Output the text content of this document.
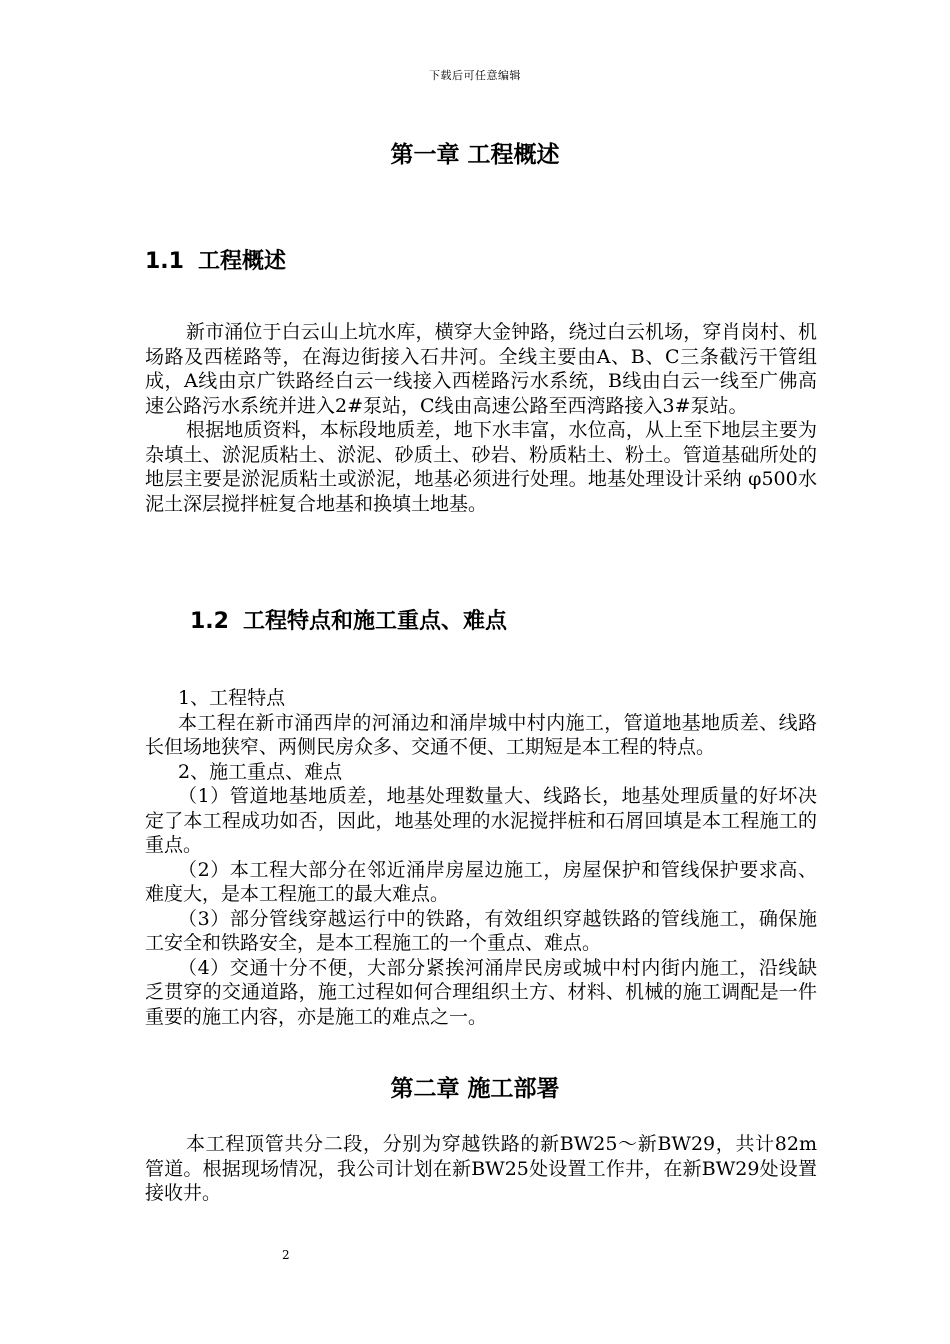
下载后可任意编辑
第一章 工程概述
1.1 工程概述

新市涌位于白云山上坑水库，横穿大金钟路，绕过白云机场，穿肖岗村、机场路及西槎路等，在海边街接入石井河。全线主要由A、B、C三条截污干管组成，A线由京广铁路经白云一线接入西槎路污水系统，B线由白云一线至广佛高速公路污水系统并进入2#泵站，C线由高速公路至西湾路接入3#泵站。

根据地质资料，本标段地质差，地下水丰富，水位高，从上至下地层主要为杂填土、淤泥质粘土、淤泥、砂质土、砂岩、粉质粘土、粉土。管道基础所处的地层主要是淤泥质粘土或淤泥，地基必须进行处理。地基处理设计采纳 φ500水泥土深层搅拌桩复合地基和换填土地基。

1.2 工程特点和施工重点、难点

1、工程特点

本工程在新市涌西岸的河涌边和涌岸城中村内施工，管道地基地质差、线路长但场地狭窄、两侧民房众多、交通不便、工期短是本工程的特点。

2、施工重点、难点

（1）管道地基地质差，地基处理数量大、线路长，地基处理质量的好坏决定了本工程成功如否，因此，地基处理的水泥搅拌桩和石屑回填是本工程施工的重点。

（2）本工程大部分在邻近涌岸房屋边施工，房屋保护和管线保护要求高、难度大，是本工程施工的最大难点。

（3）部分管线穿越运行中的铁路，有效组织穿越铁路的管线施工，确保施工安全和铁路安全，是本工程施工的一个重点、难点。

（4）交通十分不便，大部分紧挨河涌岸民房或城中村内街内施工，沿线缺乏贯穿的交通道路，施工过程如何合理组织土方、材料、机械的施工调配是一件重要的施工内容，亦是施工的难点之一。

第二章 施工部署

本工程顶管共分二段，分别为穿越铁路的新BW25～新BW29，共计82m管道。根据现场情况，我公司计划在新BW25处设置工作井，在新BW29处设置接收井。

2
